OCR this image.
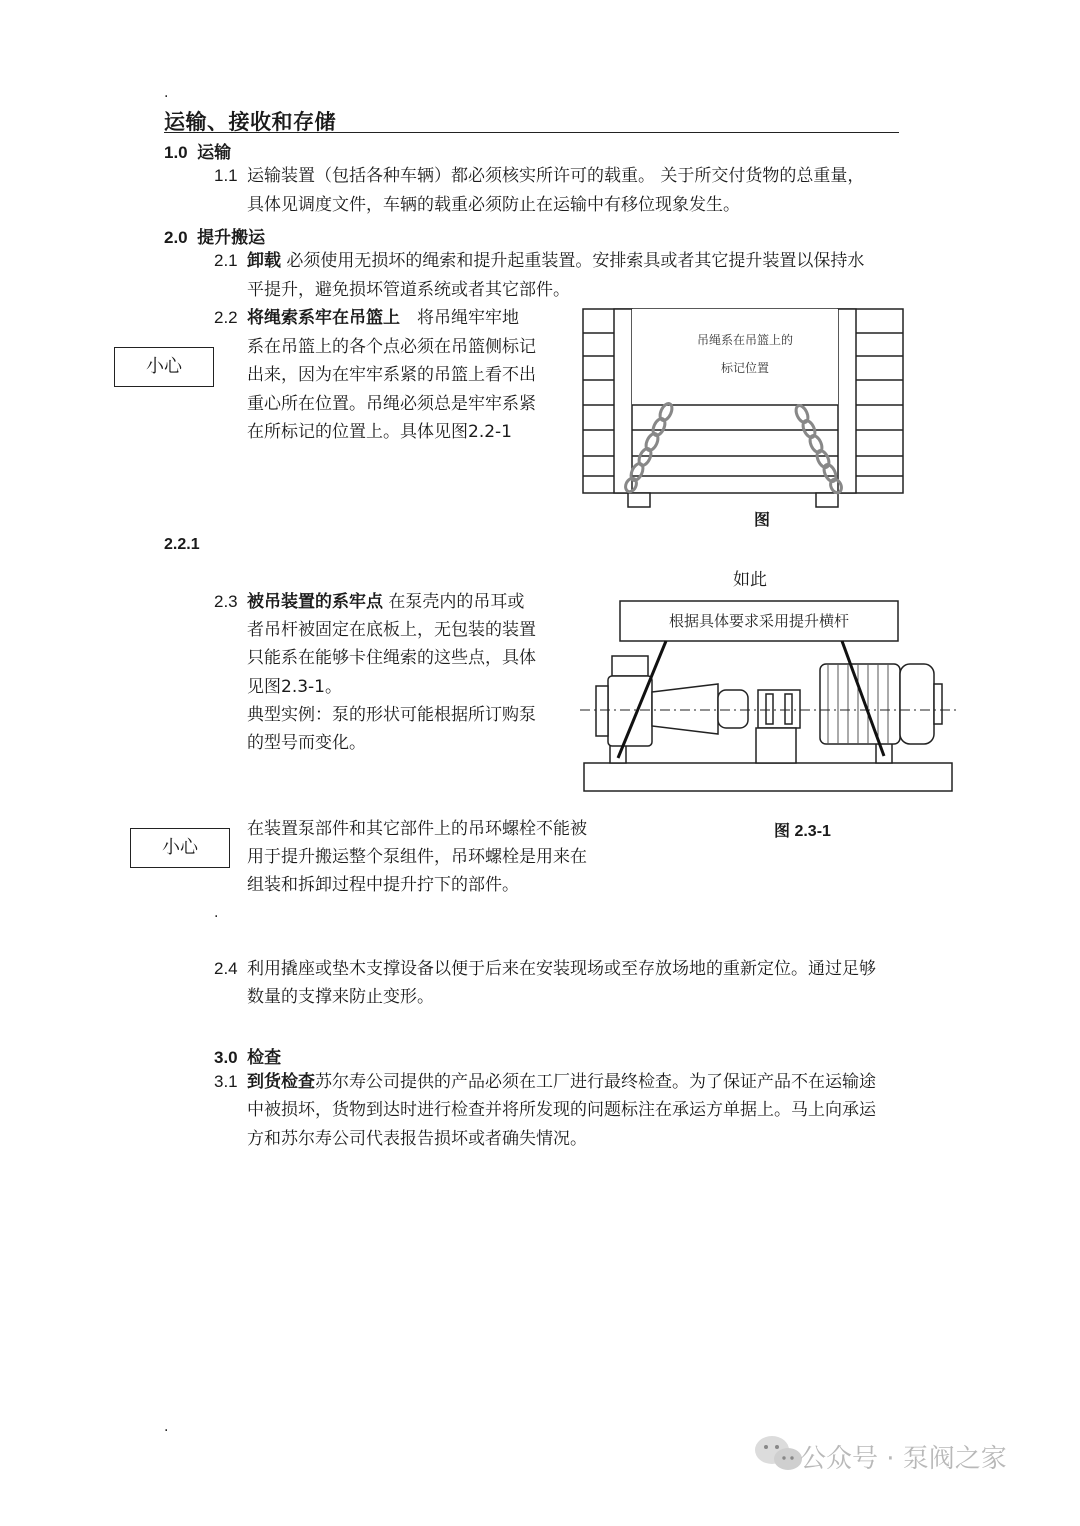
.
运输、接收和存储
1.0 运输
1.1 运输装置（包括各种车辆）都必须核实所许可的载重。 关于所交付货物的总重量，
具体见调度文件，车辆的载重必须防止在运输中有移位现象发生。
2.0 提升搬运
2.1 卸载 必须使用无损坏的绳索和提升起重装置。安排索具或者其它提升装置以保持水
平提升，避免损坏管道系统或者其它部件。
2.2 将绳索系牢在吊篮上　将吊绳牢牢地
系在吊篮上的各个点必须在吊篮侧标记
出来，因为在牢牢系紧的吊篮上看不出
重心所在位置。吊绳必须总是牢牢系紧
在所标记的位置上。具体见图2.2-1
小心
吊绳系在吊篮上的
标记位置
图
2.2.1
如此
根据具体要求采用提升横杆
2.3 被吊装置的系牢点 在泵壳内的吊耳或
者吊杆被固定在底板上，无包装的装置
只能系在能够卡住绳索的这些点，具体
见图2.3-1。
典型实例：泵的形状可能根据所订购泵
的型号而变化。
小心
在装置泵部件和其它部件上的吊环螺栓不能被
用于提升搬运整个泵组件，吊环螺栓是用来在
组装和拆卸过程中提升拧下的部件。
图 2.3-1
.
2.4 利用撬座或垫木支撑设备以便于后来在安装现场或至存放场地的重新定位。通过足够
数量的支撑来防止变形。
3.0 检查
3.1 到货检查苏尔寿公司提供的产品必须在工厂进行最终检查。为了保证产品不在运输途
中被损坏，货物到达时进行检查并将所发现的问题标注在承运方单据上。马上向承运
方和苏尔寿公司代表报告损坏或者确失情况。
.
公众号 · 泵阀之家
